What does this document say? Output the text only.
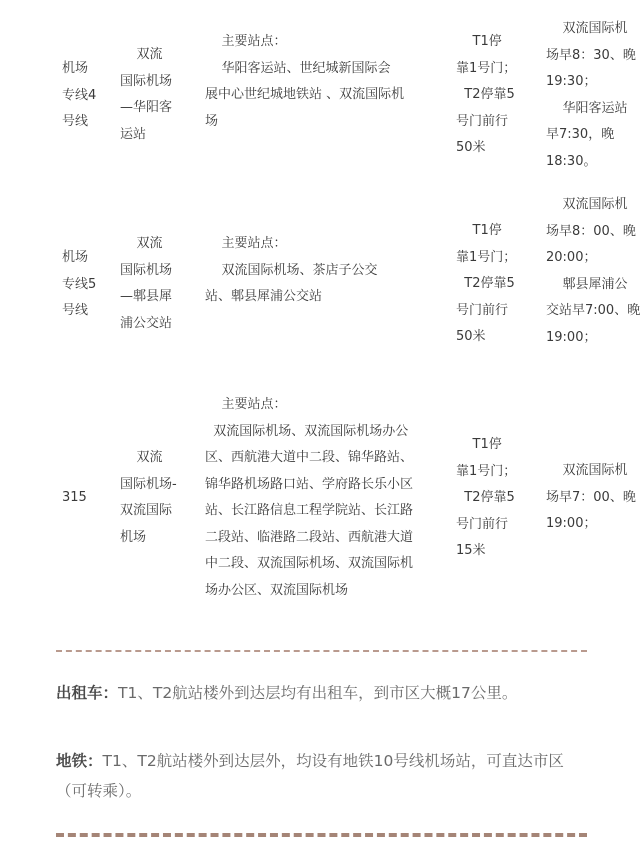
机场
专线4
号线
双流
国际机场
—华阳客
运站
主要站点：
华阳客运站、世纪城新国际会
展中心世纪城地铁站 、双流国际机
场
T1停
靠1号门；
T2停靠5
号门前行
50米
双流国际机
场早8：30、晚
19:30；
华阳客运站
早7:30，晚
18:30。
机场
专线5
号线
双流
国际机场
—郫县犀
浦公交站
主要站点：
双流国际机场、茶店子公交
站、郫县犀浦公交站
T1停
靠1号门；
T2停靠5
号门前行
50米
双流国际机
场早8：00、晚
20:00；
郫县犀浦公
交站早7:00、晚
19:00；
315
双流
国际机场-
双流国际
机场
主要站点：
双流国际机场、双流国际机场办公
区、西航港大道中二段、锦华路站、
锦华路机场路口站、学府路长乐小区
站、长江路信息工程学院站、长江路
二段站、临港路二段站、西航港大道
中二段、双流国际机场、双流国际机
场办公区、双流国际机场
T1停
靠1号门；
T2停靠5
号门前行
15米
双流国际机
场早7：00、晚
19:00；
出租车：T1、T2航站楼外到达层均有出租车，到市区大概17公里。
地铁：T1、T2航站楼外到达层外，均设有地铁10号线机场站，可直达市区（可转乘）。
